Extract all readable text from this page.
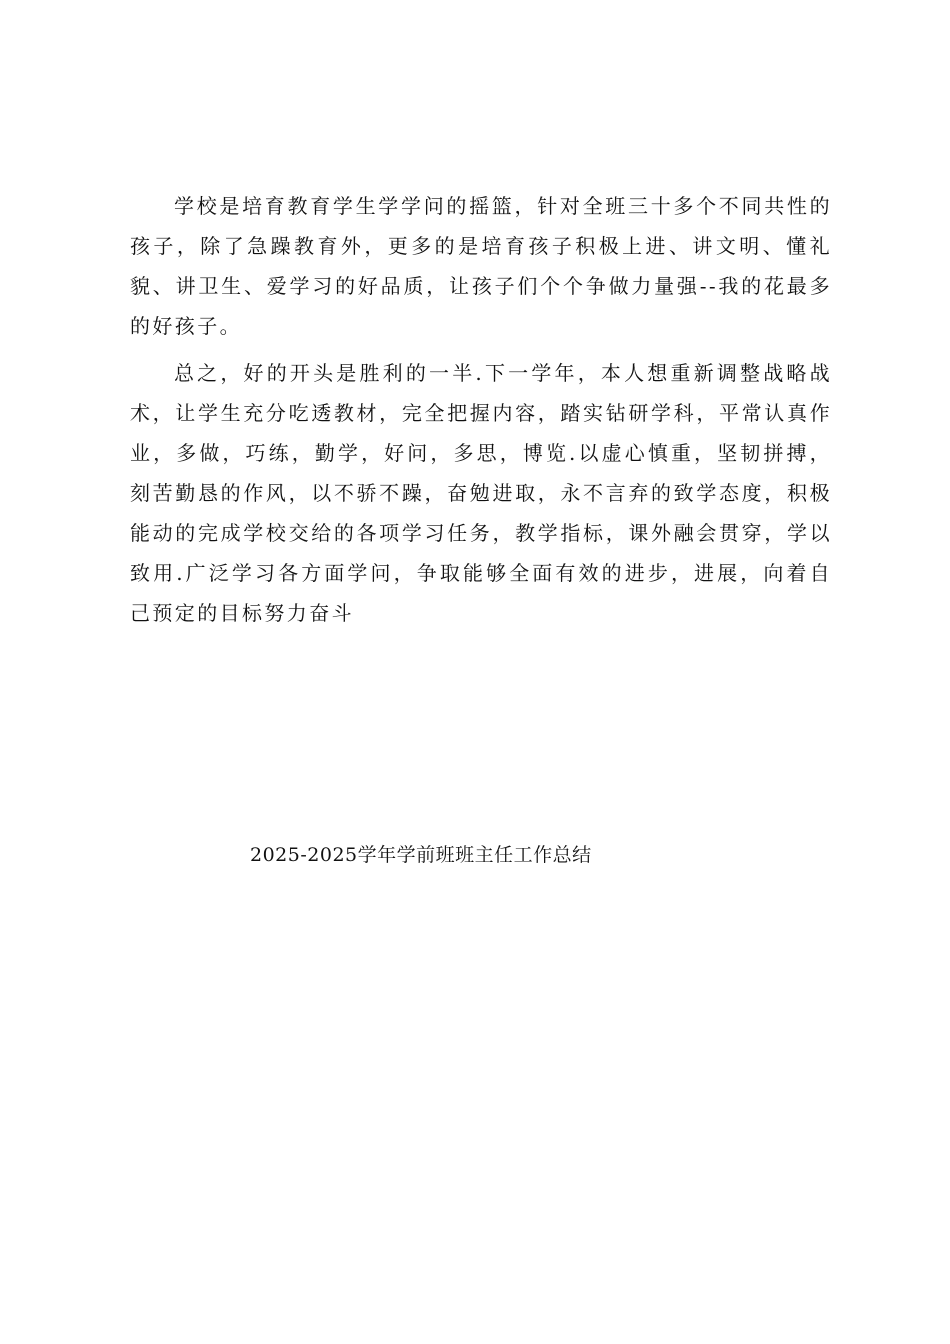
学校是培育教育学生学学问的摇篮，针对全班三十多个不同共性的孩子，除了急躁教育外，更多的是培育孩子积极上进、讲文明、懂礼貌、讲卫生、爱学习的好品质，让孩子们个个争做力量强--我的花最多的好孩子。

总之，好的开头是胜利的一半.下一学年，本人想重新调整战略战术，让学生充分吃透教材，完全把握内容，踏实钻研学科，平常认真作业，多做，巧练，勤学，好问，多思，博览.以虚心慎重，坚韧拼搏，刻苦勤恳的作风，以不骄不躁，奋勉进取，永不言弃的致学态度，积极能动的完成学校交给的各项学习任务，教学指标，课外融会贯穿，学以致用.广泛学习各方面学问，争取能够全面有效的进步，进展，向着自己预定的目标努力奋斗

2025-2025学年学前班班主任工作总结
